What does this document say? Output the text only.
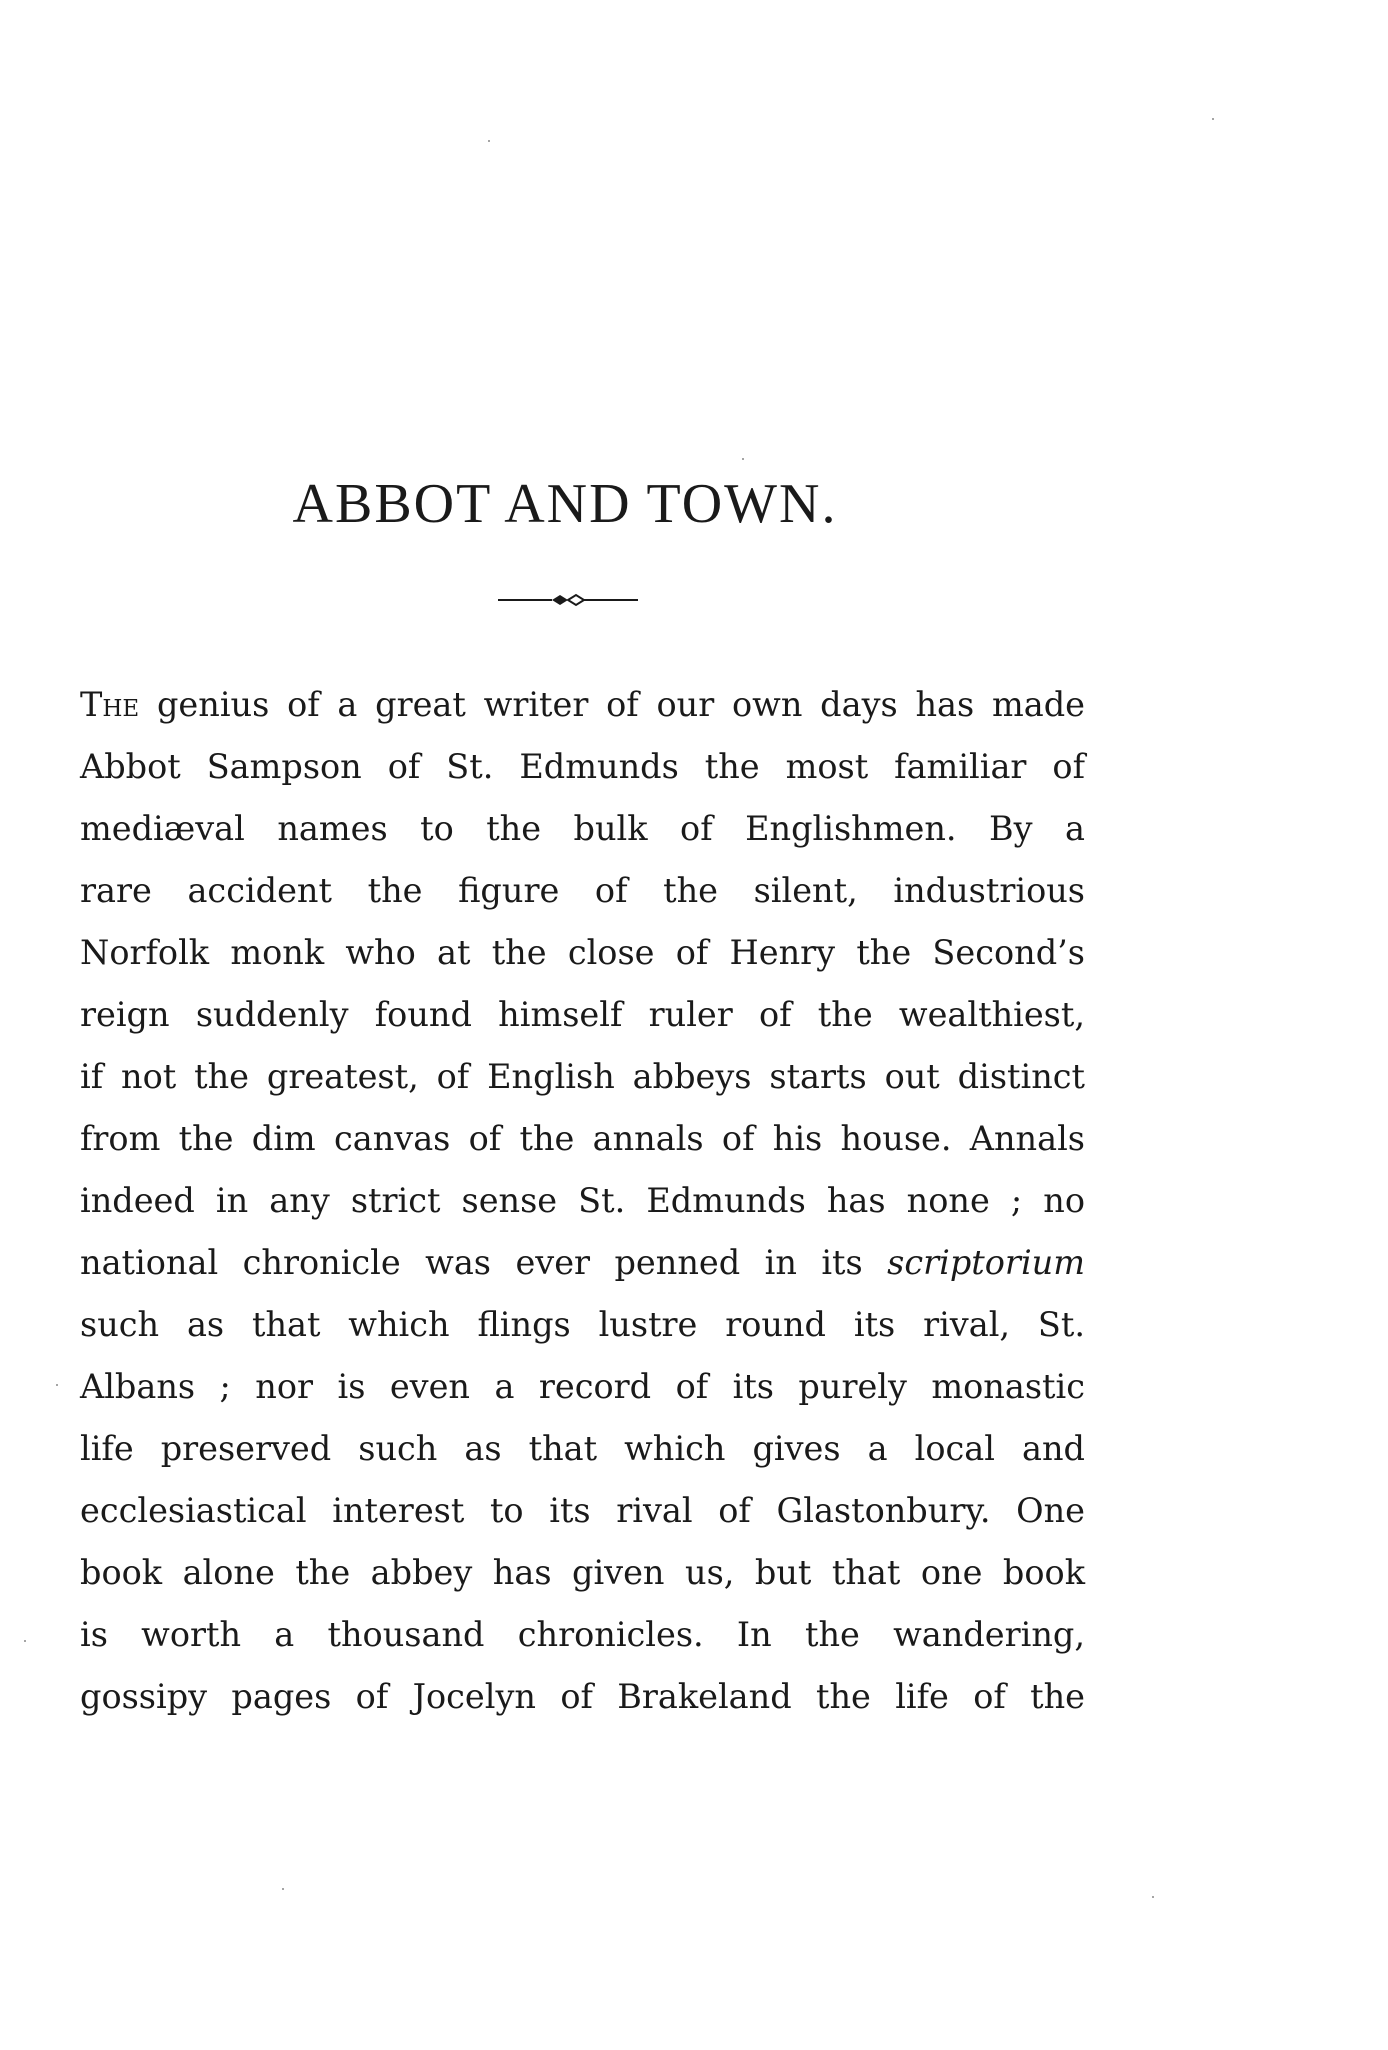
ABBOT AND TOWN.
The genius of a great writer of our own days has made
Abbot Sampson of St. Edmunds the most familiar of
mediæval names to the bulk of Englishmen. By a
rare accident the figure of the silent, industrious
Norfolk monk who at the close of Henry the Second’s
reign suddenly found himself ruler of the wealthiest,
if not the greatest, of English abbeys starts out distinct
from the dim canvas of the annals of his house. Annals
indeed in any strict sense St. Edmunds has none ; no
national chronicle was ever penned in its scriptorium
such as that which flings lustre round its rival, St.
Albans ; nor is even a record of its purely monastic
life preserved such as that which gives a local and
ecclesiastical interest to its rival of Glastonbury. One
book alone the abbey has given us, but that one book
is worth a thousand chronicles. In the wandering,
gossipy pages of Jocelyn of Brakeland the life of the
